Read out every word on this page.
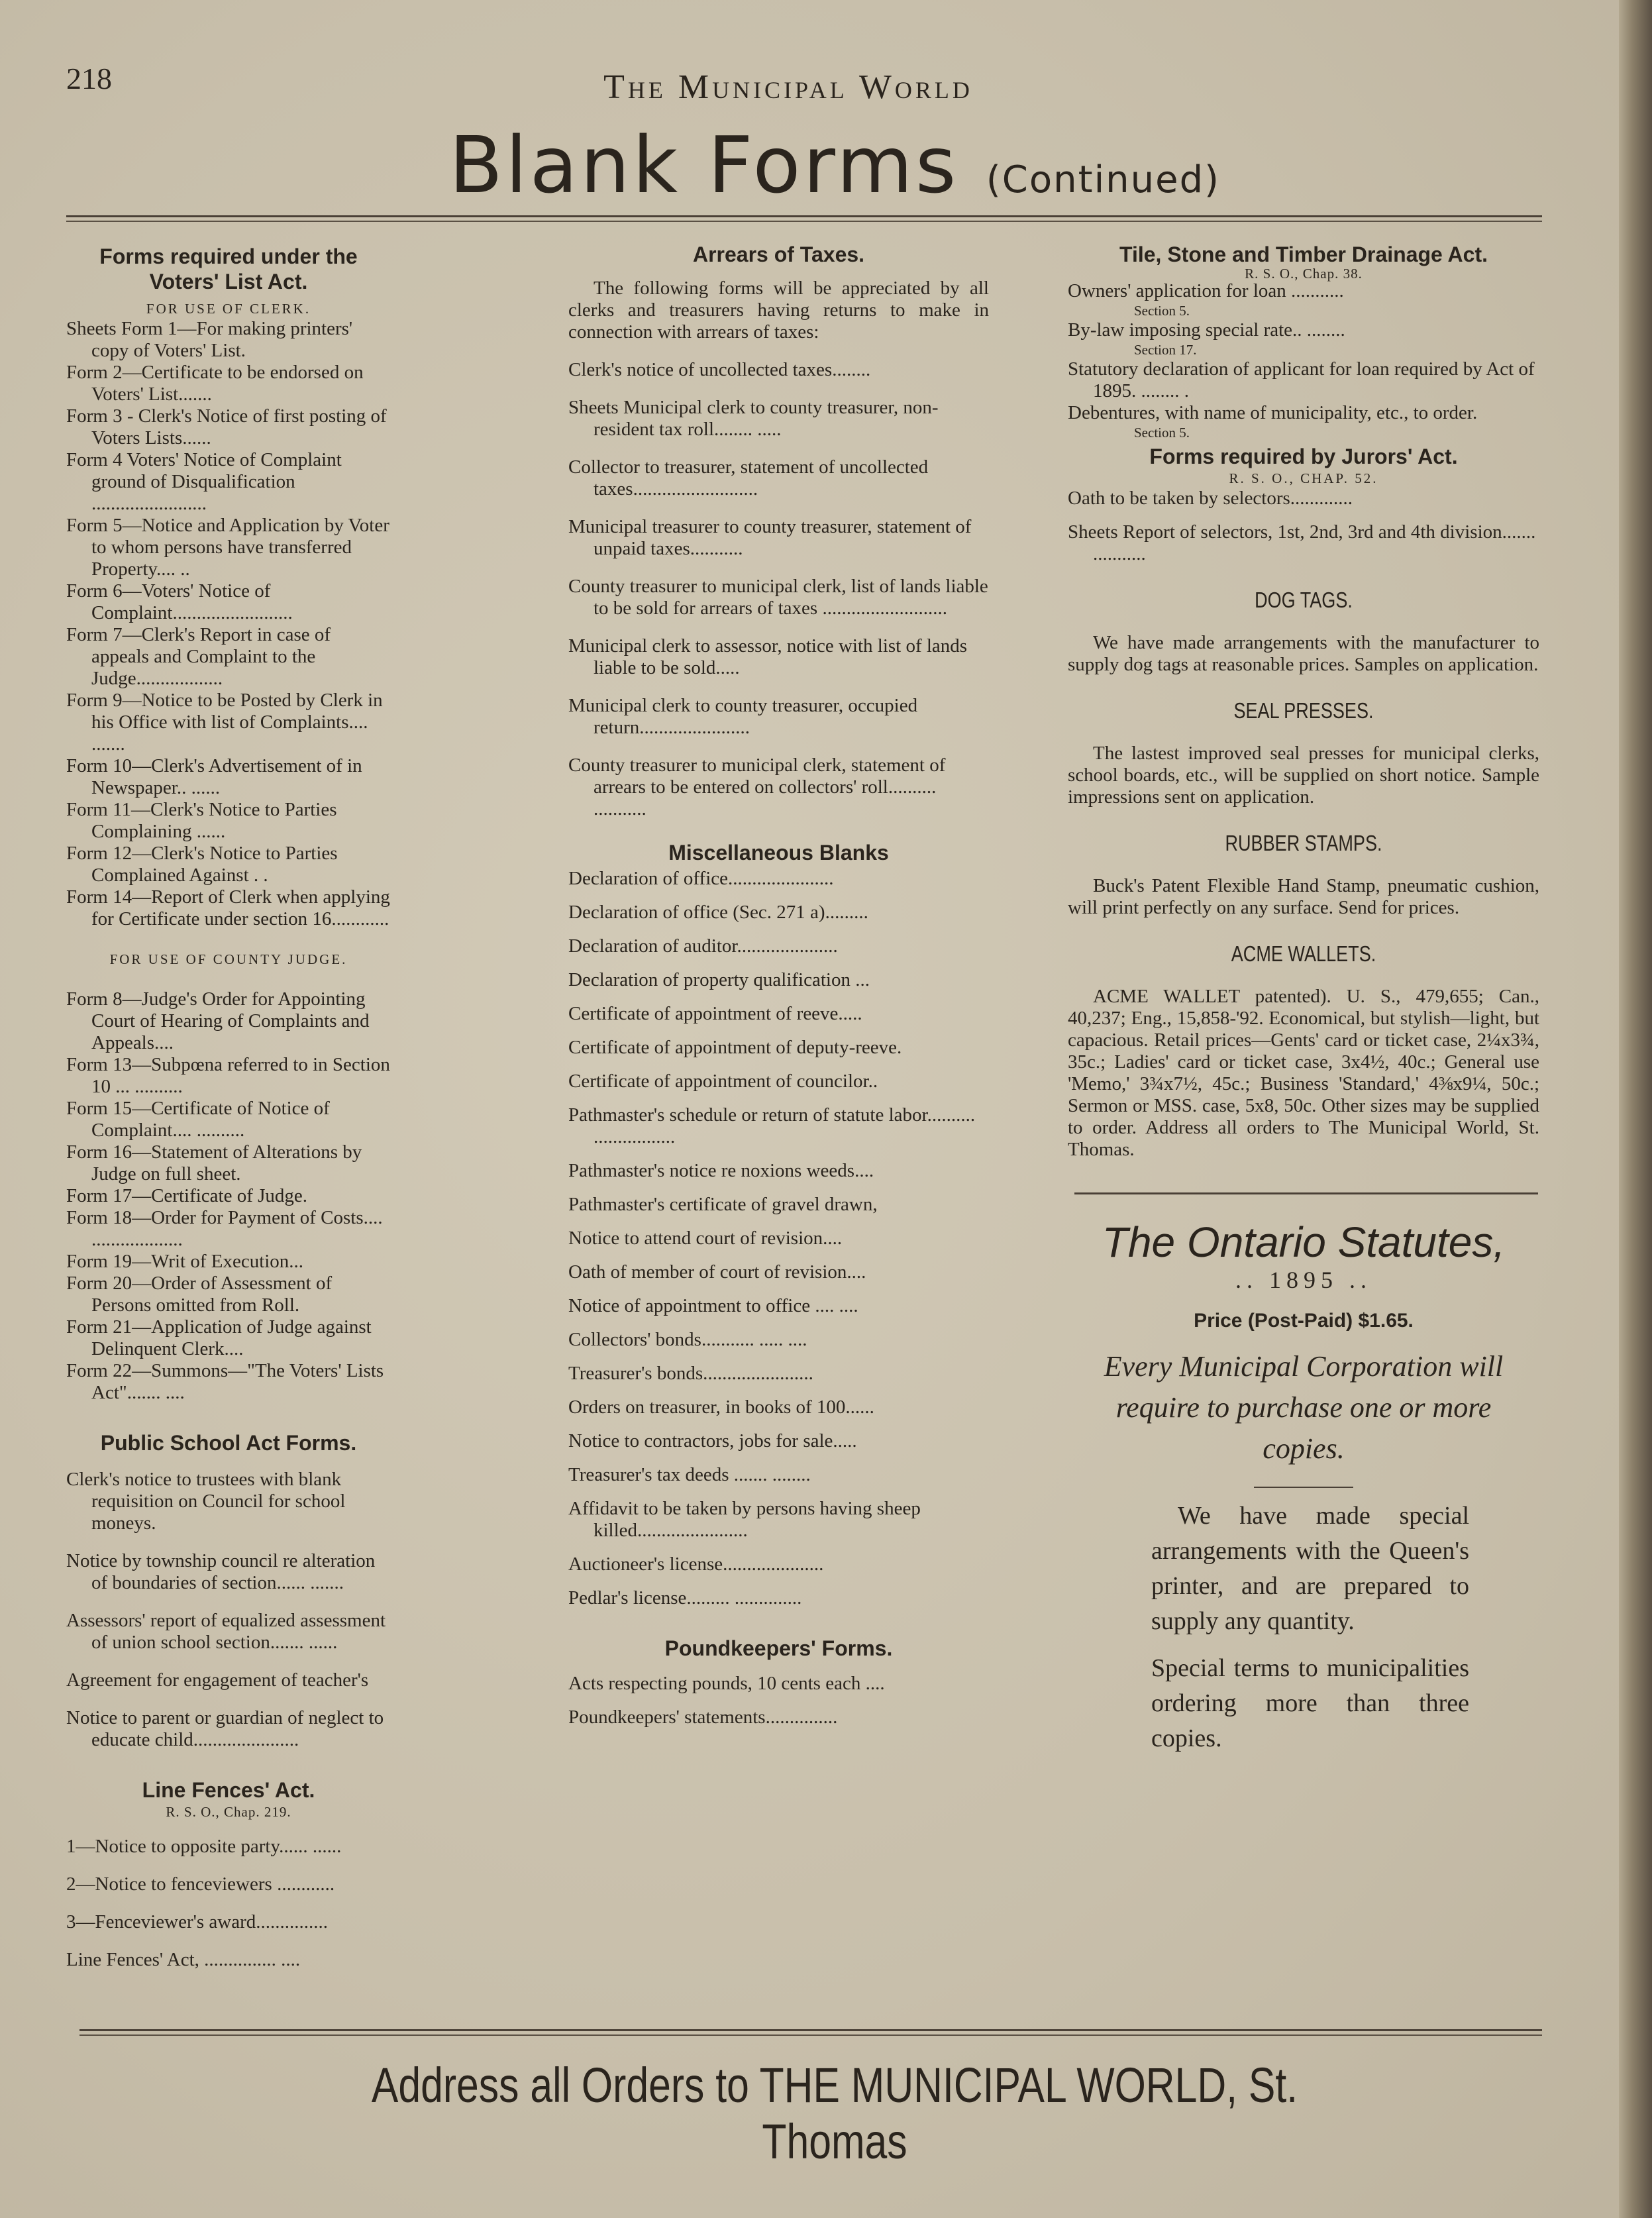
218	The Municipal World
Blank Forms (Continued)
Forms required under the Voters' List Act.
FOR USE OF CLERK.
Sheets Form 1—For making printers' copy of Voters' List.
Form 2—Certificate to be endorsed on Voters' List.......
Form 3 - Clerk's Notice of first posting of Voters Lists......
Form 4 Voters' Notice of Complaint ground of Disqualification ........................
Form 5—Notice and Application by Voter to whom persons have transferred Property.... ..
Form 6—Voters' Notice of Complaint.........................
Form 7—Clerk's Report in case of appeals and Complaint to the Judge..................
Form 9—Notice to be Posted by Clerk in his Office with list of Complaints.... .......
Form 10—Clerk's Advertisement of in Newspaper.. ......
Form 11—Clerk's Notice to Parties Complaining ......
Form 12—Clerk's Notice to Parties Complained Against . .
Form 14—Report of Clerk when applying for Certificate under section 16............
FOR USE OF COUNTY JUDGE.
Form 8—Judge's Order for Appointing Court of Hearing of Complaints and Appeals....
Form 13—Subpœna referred to in Section 10 ... ..........
Form 15—Certificate of Notice of Complaint.... ..........
Form 16—Statement of Alterations by Judge on full sheet.
Form 17—Certificate of Judge.
Form 18—Order for Payment of Costs.... ...................
Form 19—Writ of Execution...
Form 20—Order of Assessment of Persons omitted from Roll.
Form 21—Application of Judge against Delinquent Clerk....
Form 22—Summons—"The Voters' Lists Act"....... ....
Public School Act Forms.
Clerk's notice to trustees with blank requisition on Council for school moneys.
Notice by township council re alteration of boundaries of section...... .......
Assessors' report of equalized assessment of union school section....... ......
Agreement for engagement of teacher's
Notice to parent or guardian of neglect to educate child......................
Line Fences' Act.
R. S. O., Chap. 219.
1—Notice to opposite party...... ......
2—Notice to fenceviewers ............
3—Fenceviewer's award...............
Line Fences' Act, ............... ....
Arrears of Taxes.
The following forms will be appreciated by all clerks and treasurers having returns to make in connection with arrears of taxes:
Clerk's notice of uncollected taxes........
Sheets Municipal clerk to county treasurer, non-resident tax roll........ .....
Collector to treasurer, statement of uncollected taxes..........................
Municipal treasurer to county treasurer, statement of unpaid taxes...........
County treasurer to municipal clerk, list of lands liable to be sold for arrears of taxes ..........................
Municipal clerk to assessor, notice with list of lands liable to be sold.....
Municipal clerk to county treasurer, occupied return.......................
County treasurer to municipal clerk, statement of arrears to be entered on collectors' roll.......... ...........
Miscellaneous Blanks
Declaration of office......................
Declaration of office (Sec. 271 a).........
Declaration of auditor.....................
Declaration of property qualification ...
Certificate of appointment of reeve.....
Certificate of appointment of deputy-reeve.
Certificate of appointment of councilor..
Pathmaster's schedule or return of statute labor.......... .................
Pathmaster's notice re noxions weeds....
Pathmaster's certificate of gravel drawn,
Notice to attend court of revision....
Oath of member of court of revision....
Notice of appointment to office .... ....
Collectors' bonds........... ..... ....
Treasurer's bonds.......................
Orders on treasurer, in books of 100......
Notice to contractors, jobs for sale.....
Treasurer's tax deeds ....... ........
Affidavit to be taken by persons having sheep killed.......................
Auctioneer's license.....................
Pedlar's license......... ..............
Poundkeepers' Forms.
Acts respecting pounds, 10 cents each ....
Poundkeepers' statements...............
Tile, Stone and Timber Drainage Act.
R. S. O., Chap. 38.
Owners' application for loan ...........
Section 5.
By-law imposing special rate.. ........
Section 17.
Statutory declaration of applicant for loan required by Act of 1895. ........ .
Debentures, with name of municipality, etc., to order.
Section 5.
Forms required by Jurors' Act.
R. S. O., CHAP. 52.
Oath to be taken by selectors.............
Sheets Report of selectors, 1st, 2nd, 3rd and 4th division....... ...........
DOG TAGS.
We have made arrangements with the manufacturer to supply dog tags at reasonable prices. Samples on application.
SEAL PRESSES.
The lastest improved seal presses for municipal clerks, school boards, etc., will be supplied on short notice. Sample impressions sent on application.
RUBBER STAMPS.
Buck's Patent Flexible Hand Stamp, pneumatic cushion, will print perfectly on any surface. Send for prices.
ACME WALLETS.
ACME WALLET patented). U. S., 479,655; Can., 40,237; Eng., 15,858-'92. Economical, but stylish—light, but capacious. Retail prices—Gents' card or ticket case, 2¼x3¾, 35c.; Ladies' card or ticket case, 3x4½, 40c.; General use 'Memo,' 3¾x7½, 45c.; Business 'Standard,' 4⅜x9¼, 50c.; Sermon or MSS. case, 5x8, 50c. Other sizes may be supplied to order. Address all orders to The Municipal World, St. Thomas.
The Ontario Statutes,
.. 1895 ..
Price (Post-Paid) $1.65.
Every Municipal Corporation will require to purchase one or more copies.
We have made special arrangements with the Queen's printer, and are prepared to supply any quantity.
Special terms to municipalities ordering more than three copies.
Address all Orders to THE MUNICIPAL WORLD, St. Thomas
